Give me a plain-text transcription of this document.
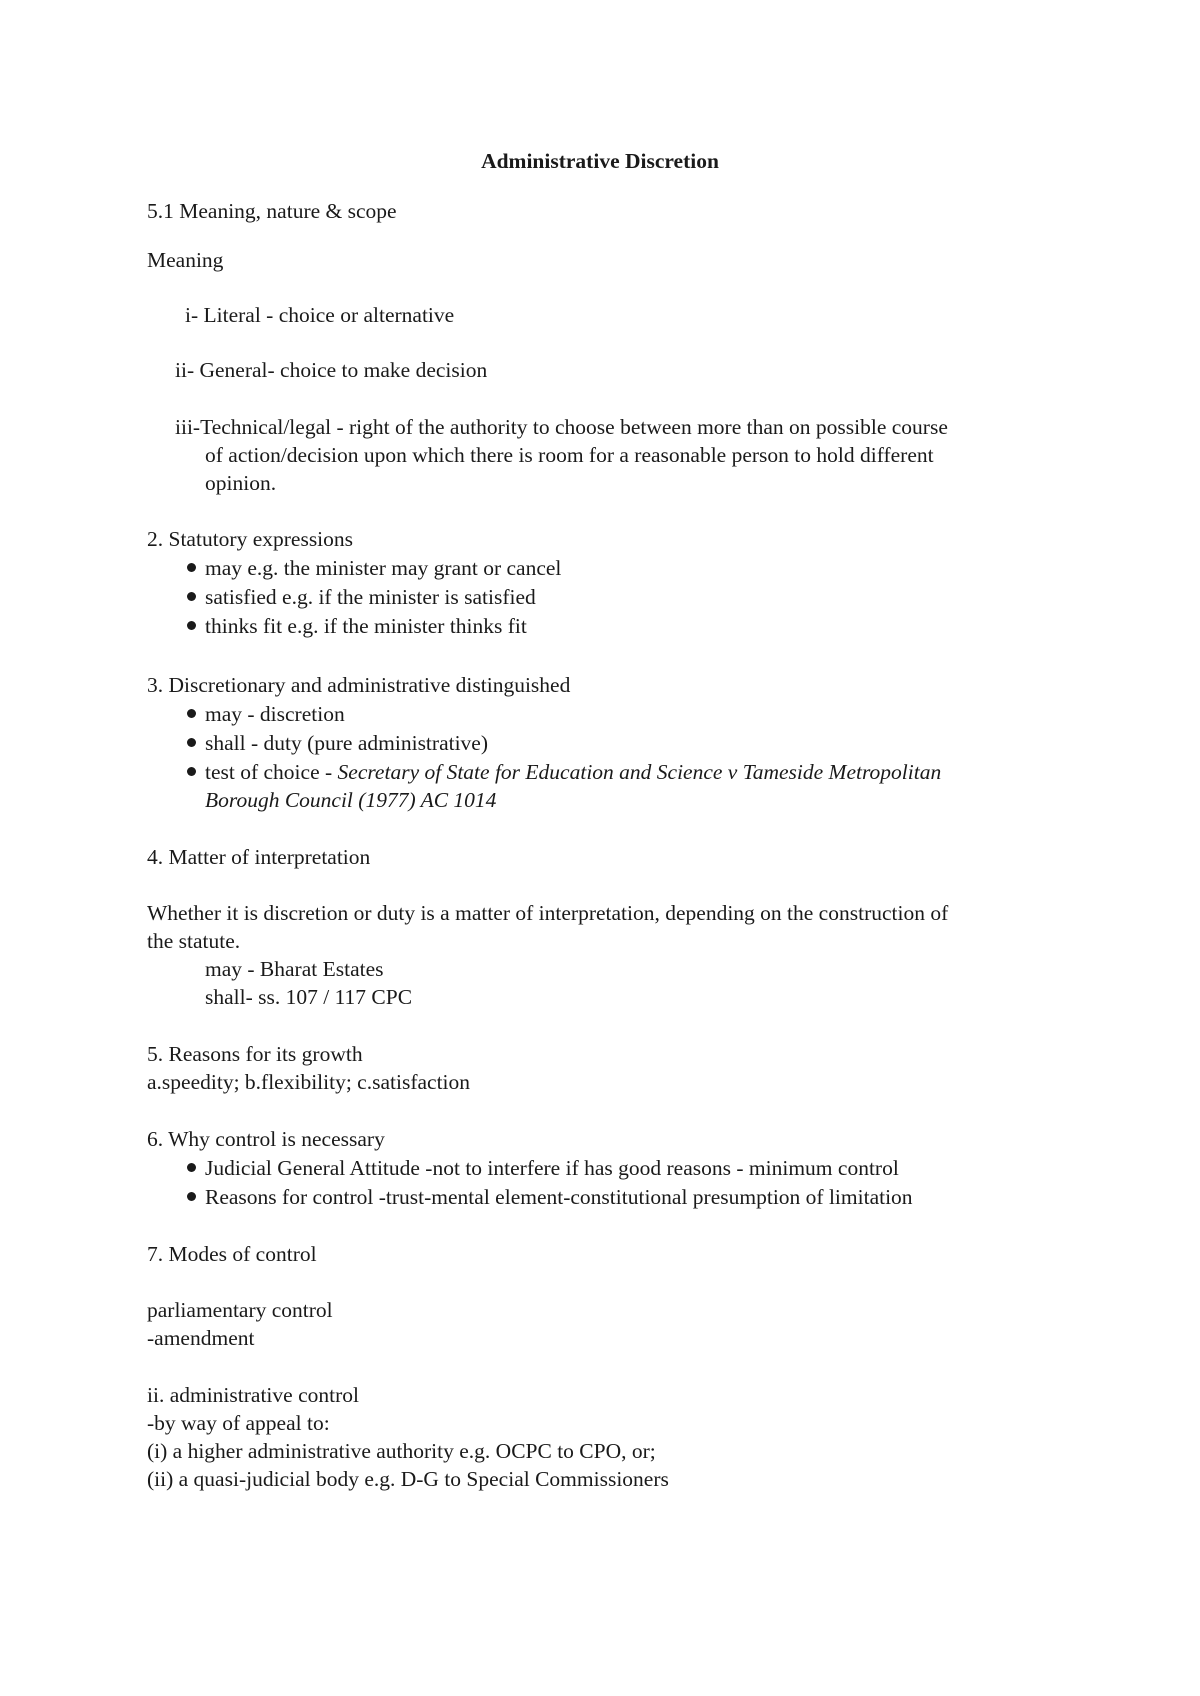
Administrative Discretion
5.1 Meaning, nature & scope
Meaning
i- Literal - choice or alternative
ii- General- choice to make decision
iii-Technical/legal - right of the authority to choose between more than on possible course
of action/decision upon which there is room for a reasonable person to hold different
opinion.
2. Statutory expressions
may e.g. the minister may grant or cancel
satisfied e.g. if the minister is satisfied
thinks fit e.g. if the minister thinks fit
3. Discretionary and administrative distinguished
may - discretion
shall - duty (pure administrative)
test of choice - Secretary of State for Education and Science v Tameside Metropolitan
Borough Council (1977) AC 1014
4. Matter of interpretation
Whether it is discretion or duty is a matter of interpretation, depending on the construction of
the statute.
may - Bharat Estates
shall- ss. 107 / 117 CPC
5. Reasons for its growth
a.speedity; b.flexibility; c.satisfaction
6. Why control is necessary
Judicial General Attitude -not to interfere if has good reasons - minimum control
Reasons for control -trust-mental element-constitutional presumption of limitation
7. Modes of control
parliamentary control
-amendment
ii. administrative control
-by way of appeal to:
(i) a higher administrative authority e.g. OCPC to CPO, or;
(ii) a quasi-judicial body e.g. D-G to Special Commissioners
